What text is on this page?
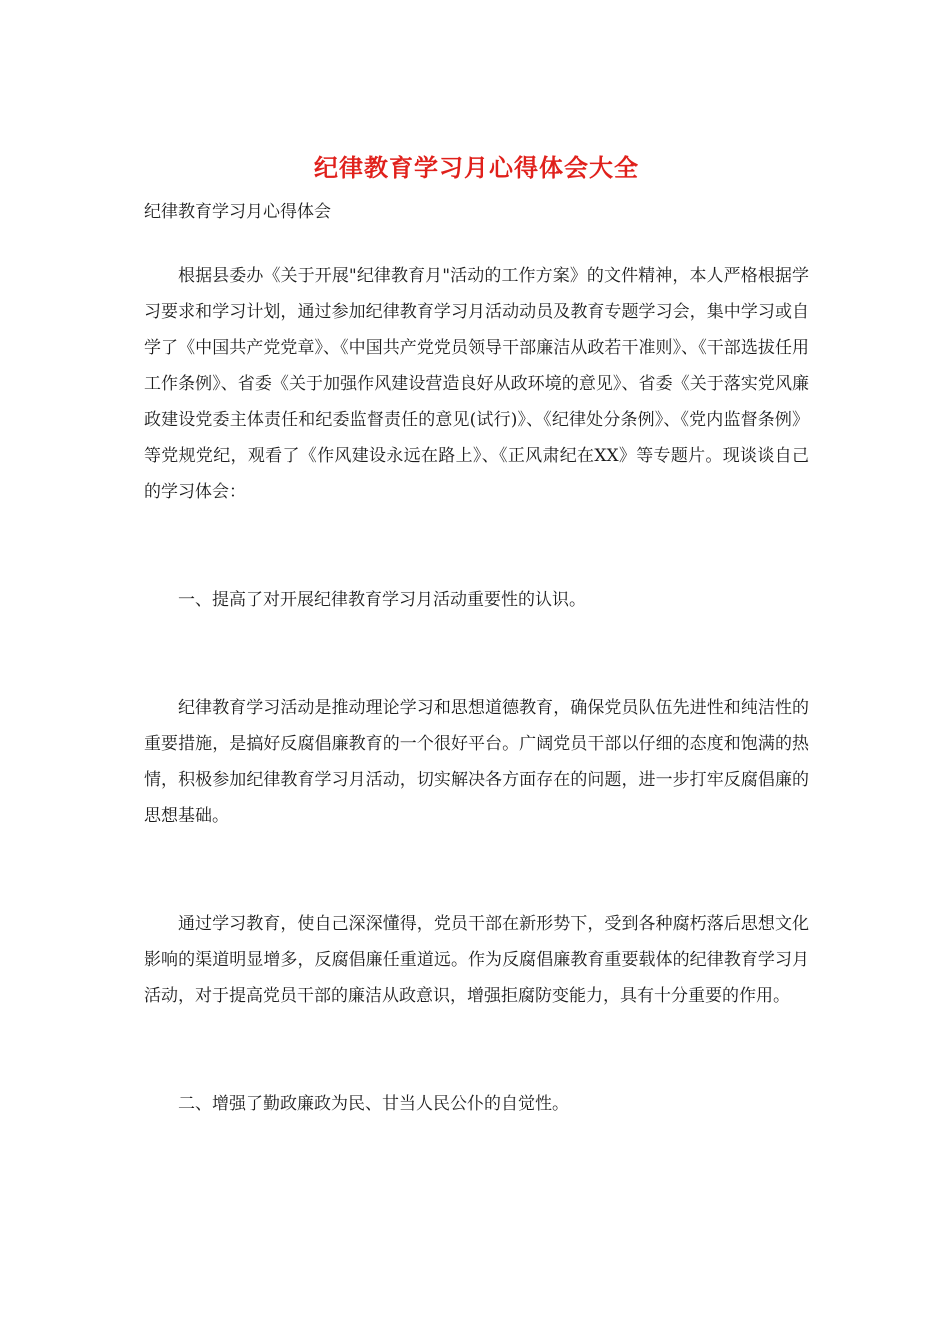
纪律教育学习月心得体会大全

纪律教育学习月心得体会

根据县委办《关于开展"纪律教育月"活动的工作方案》的文件精神，本人严格根据学习要求和学习计划，通过参加纪律教育学习月活动动员及教育专题学习会，集中学习或自学了《中国共产党党章》、《中国共产党党员领导干部廉洁从政若干准则》、《干部选拔任用工作条例》、省委《关于加强作风建设营造良好从政环境的意见》、省委《关于落实党风廉政建设党委主体责任和纪委监督责任的意见(试行)》、《纪律处分条例》、《党内监督条例》等党规党纪，观看了《作风建设永远在路上》、《正风肃纪在XX》等专题片。现谈谈自己的学习体会：

一、提高了对开展纪律教育学习月活动重要性的认识。

纪律教育学习活动是推动理论学习和思想道德教育，确保党员队伍先进性和纯洁性的重要措施，是搞好反腐倡廉教育的一个很好平台。广阔党员干部以仔细的态度和饱满的热情，积极参加纪律教育学习月活动，切实解决各方面存在的问题，进一步打牢反腐倡廉的思想基础。

通过学习教育，使自己深深懂得，党员干部在新形势下，受到各种腐朽落后思想文化影响的渠道明显增多，反腐倡廉任重道远。作为反腐倡廉教育重要载体的纪律教育学习月活动，对于提高党员干部的廉洁从政意识，增强拒腐防变能力，具有十分重要的作用。

二、增强了勤政廉政为民、甘当人民公仆的自觉性。
